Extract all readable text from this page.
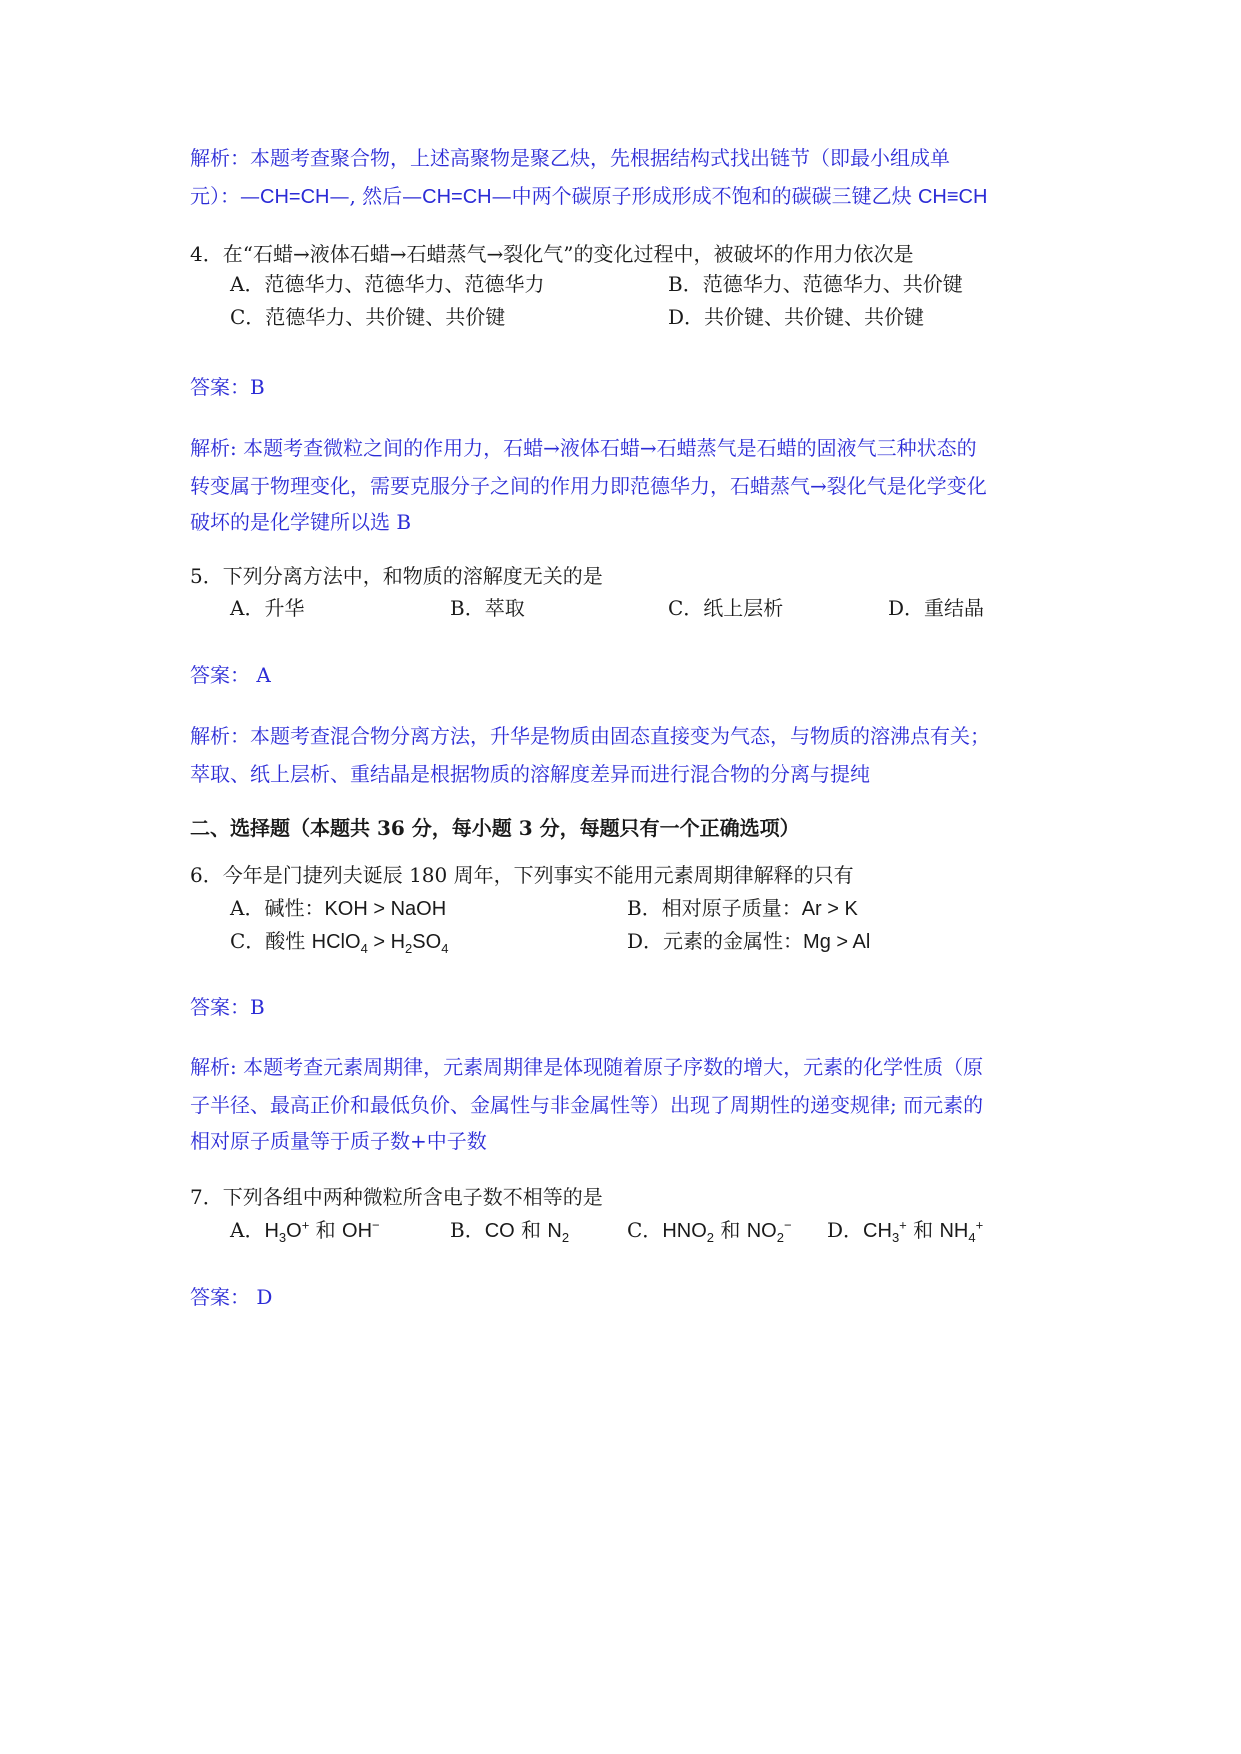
解析：本题考查聚合物，上述高聚物是聚乙炔，先根据结构式找出链节（即最小组成单
元）：—CH=CH—, 然后—CH=CH—中两个碳原子形成形成不饱和的碳碳三键乙炔 CH≡CH
4．在“石蜡→液体石蜡→石蜡蒸气→裂化气”的变化过程中，被破坏的作用力依次是
A．范德华力、范德华力、范德华力	B．范德华力、范德华力、共价键
C．范德华力、共价键、共价键	D．共价键、共价键、共价键
答案：B
解析: 本题考查微粒之间的作用力，石蜡→液体石蜡→石蜡蒸气是石蜡的固液气三种状态的
转变属于物理变化，需要克服分子之间的作用力即范德华力，石蜡蒸气→裂化气是化学变化
破坏的是化学键所以选 B
5．下列分离方法中，和物质的溶解度无关的是
A．升华	B．萃取	C．纸上层析	D．重结晶
答案： A
解析：本题考查混合物分离方法，升华是物质由固态直接变为气态，与物质的溶沸点有关；
萃取、纸上层析、重结晶是根据物质的溶解度差异而进行混合物的分离与提纯
二、选择题（本题共 36 分，每小题 3 分，每题只有一个正确选项）
6．今年是门捷列夫诞辰 180 周年，下列事实不能用元素周期律解释的只有
A．碱性：KOH > NaOH	B．相对原子质量：Ar > K
C．酸性 HClO$_4$ > $H_2SO_4$	D．元素的金属性：Mg > Al
答案：B
解析: 本题考查元素周期律，元素周期律是体现随着原子序数的增大，元素的化学性质（原
子半径、最高正价和最低负价、金属性与非金属性等）出现了周期性的递变规律; 而元素的
相对原子质量等于质子数+中子数
7．下列各组中两种微粒所含电子数不相等的是
A．$H_3O^+$ 和 OH−	B．CO 和 $N_2$	C．$HNO_2$ 和 $NO_2^-$ D．$CH_3^+$ 和 $NH_4^+$
答案： D
